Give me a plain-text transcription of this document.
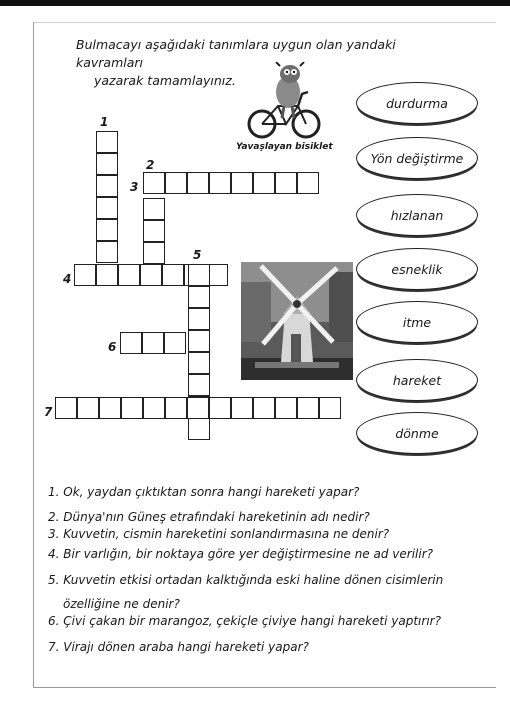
Bulmacayı aşağıdaki tanımlara uygun olan yandaki kavramları
yazarak tamamlayınız.
Yavaşlayan bisiklet
1
2
3
4
5
6
7
durdurma
Yön değiştirme
hızlanan
esneklik
itme
hareket
dönme
1. Ok, yaydan çıktıktan sonra hangi hareketi yapar?
2. Dünya'nın Güneş etrafındaki hareketinin adı nedir?
3. Kuvvetin, cismin hareketini sonlandırmasına ne denir?
4. Bir varlığın, bir noktaya göre yer değiştirmesine ne ad verilir?
5. Kuvvetin etkisi ortadan kalktığında eski haline dönen cisimlerin
özelliğine ne denir?
6. Çivi çakan bir marangoz, çekiçle çiviye hangi hareketi yaptırır?
7. Virajı dönen araba hangi hareketi yapar?
